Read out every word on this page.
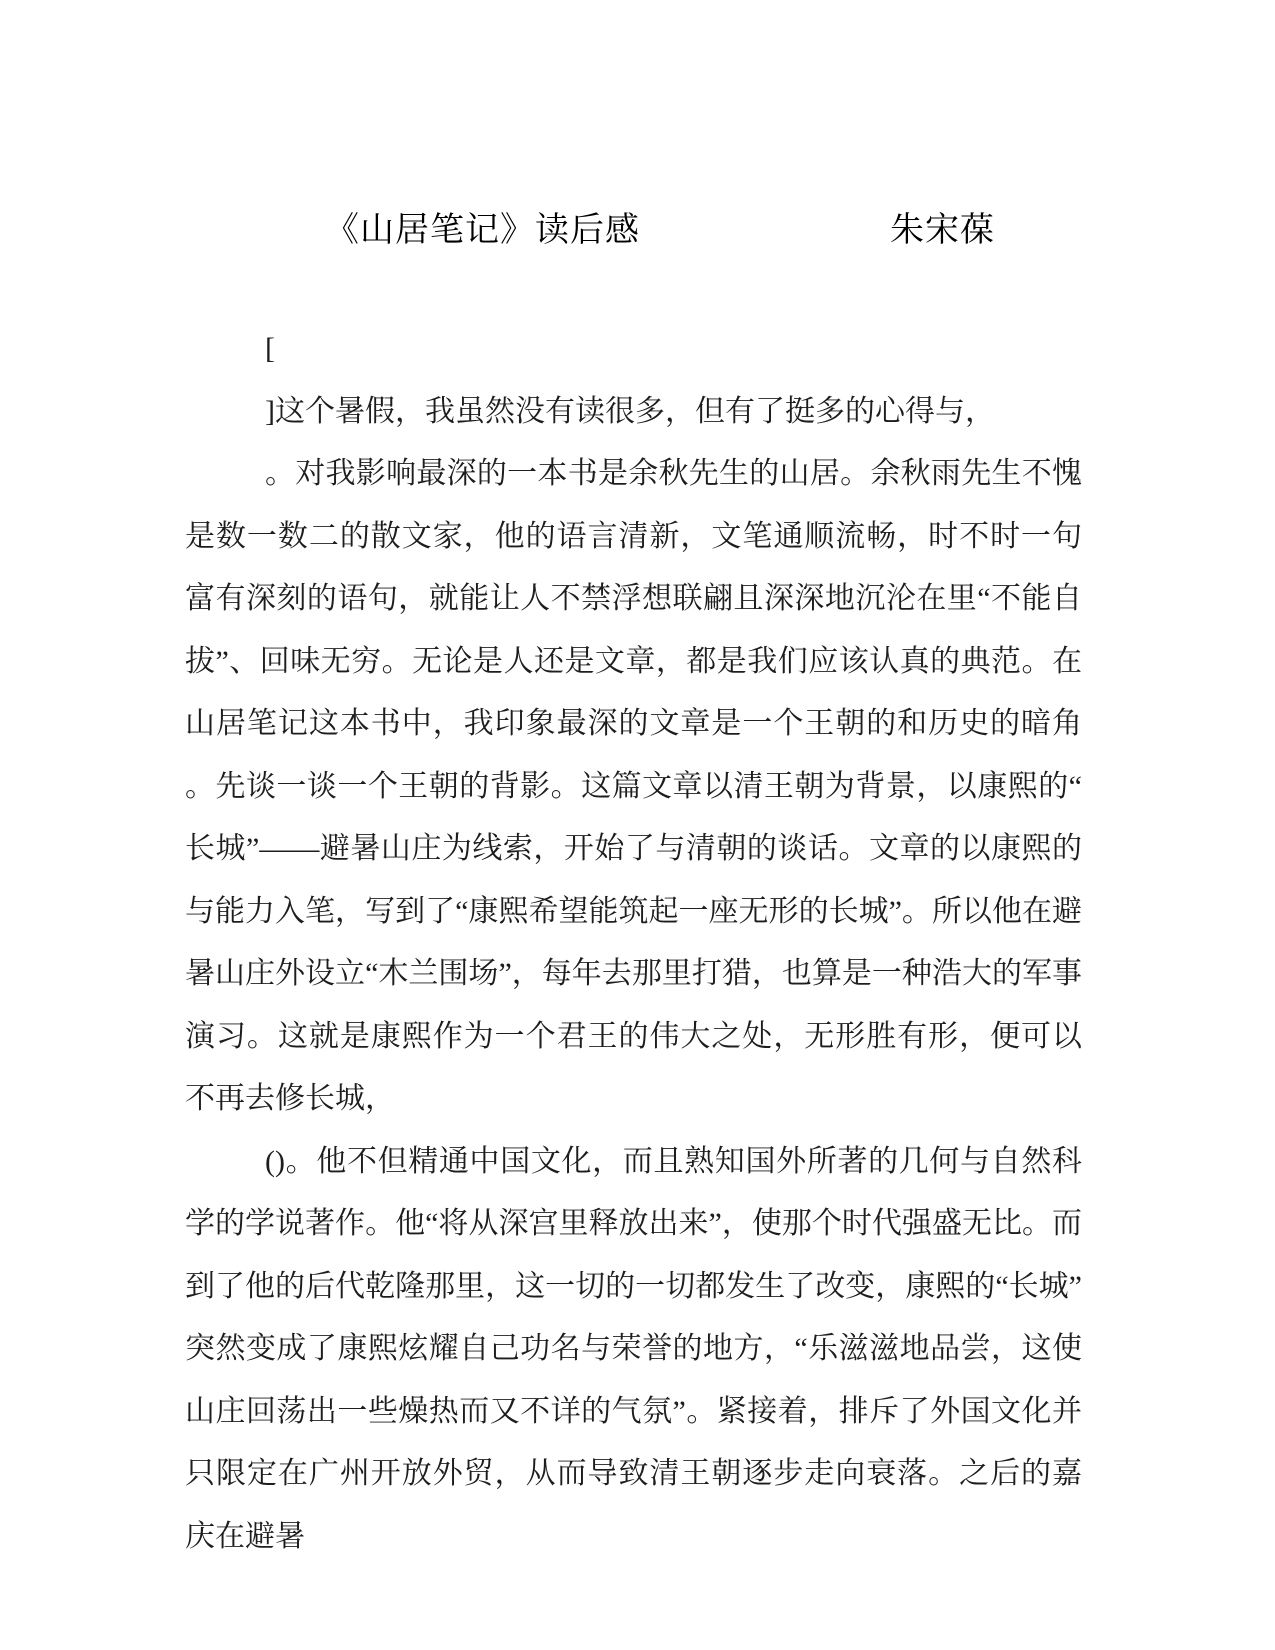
《山居笔记》读后感	朱宋葆

[

]这个暑假，我虽然没有读很多，但有了挺多的心得与，

。对我影响最深的一本书是余秋先生的山居。余秋雨先生不愧是数一数二的散文家，他的语言清新，文笔通顺流畅，时不时一句富有深刻的语句，就能让人不禁浮想联翩且深深地沉沦在里“不能自拔”、回味无穷。无论是人还是文章，都是我们应该认真的典范。在山居笔记这本书中，我印象最深的文章是一个王朝的和历史的暗角。先谈一谈一个王朝的背影。这篇文章以清王朝为背景，以康熙的“长城”——避暑山庄为线索，开始了与清朝的谈话。文章的以康熙的与能力入笔，写到了“康熙希望能筑起一座无形的长城”。所以他在避暑山庄外设立“木兰围场”，每年去那里打猎，也算是一种浩大的军事演习。这就是康熙作为一个君王的伟大之处，无形胜有形，便可以不再去修长城，

()。他不但精通中国文化，而且熟知国外所著的几何与自然科学的学说著作。他“将从深宫里释放出来”，使那个时代强盛无比。而到了他的后代乾隆那里，这一切的一切都发生了改变，康熙的“长城”突然变成了康熙炫耀自己功名与荣誉的地方，“乐滋滋地品尝，这使山庄回荡出一些燥热而又不详的气氛”。紧接着，排斥了外国文化并只限定在广州开放外贸，从而导致清王朝逐步走向衰落。之后的嘉庆在避暑
